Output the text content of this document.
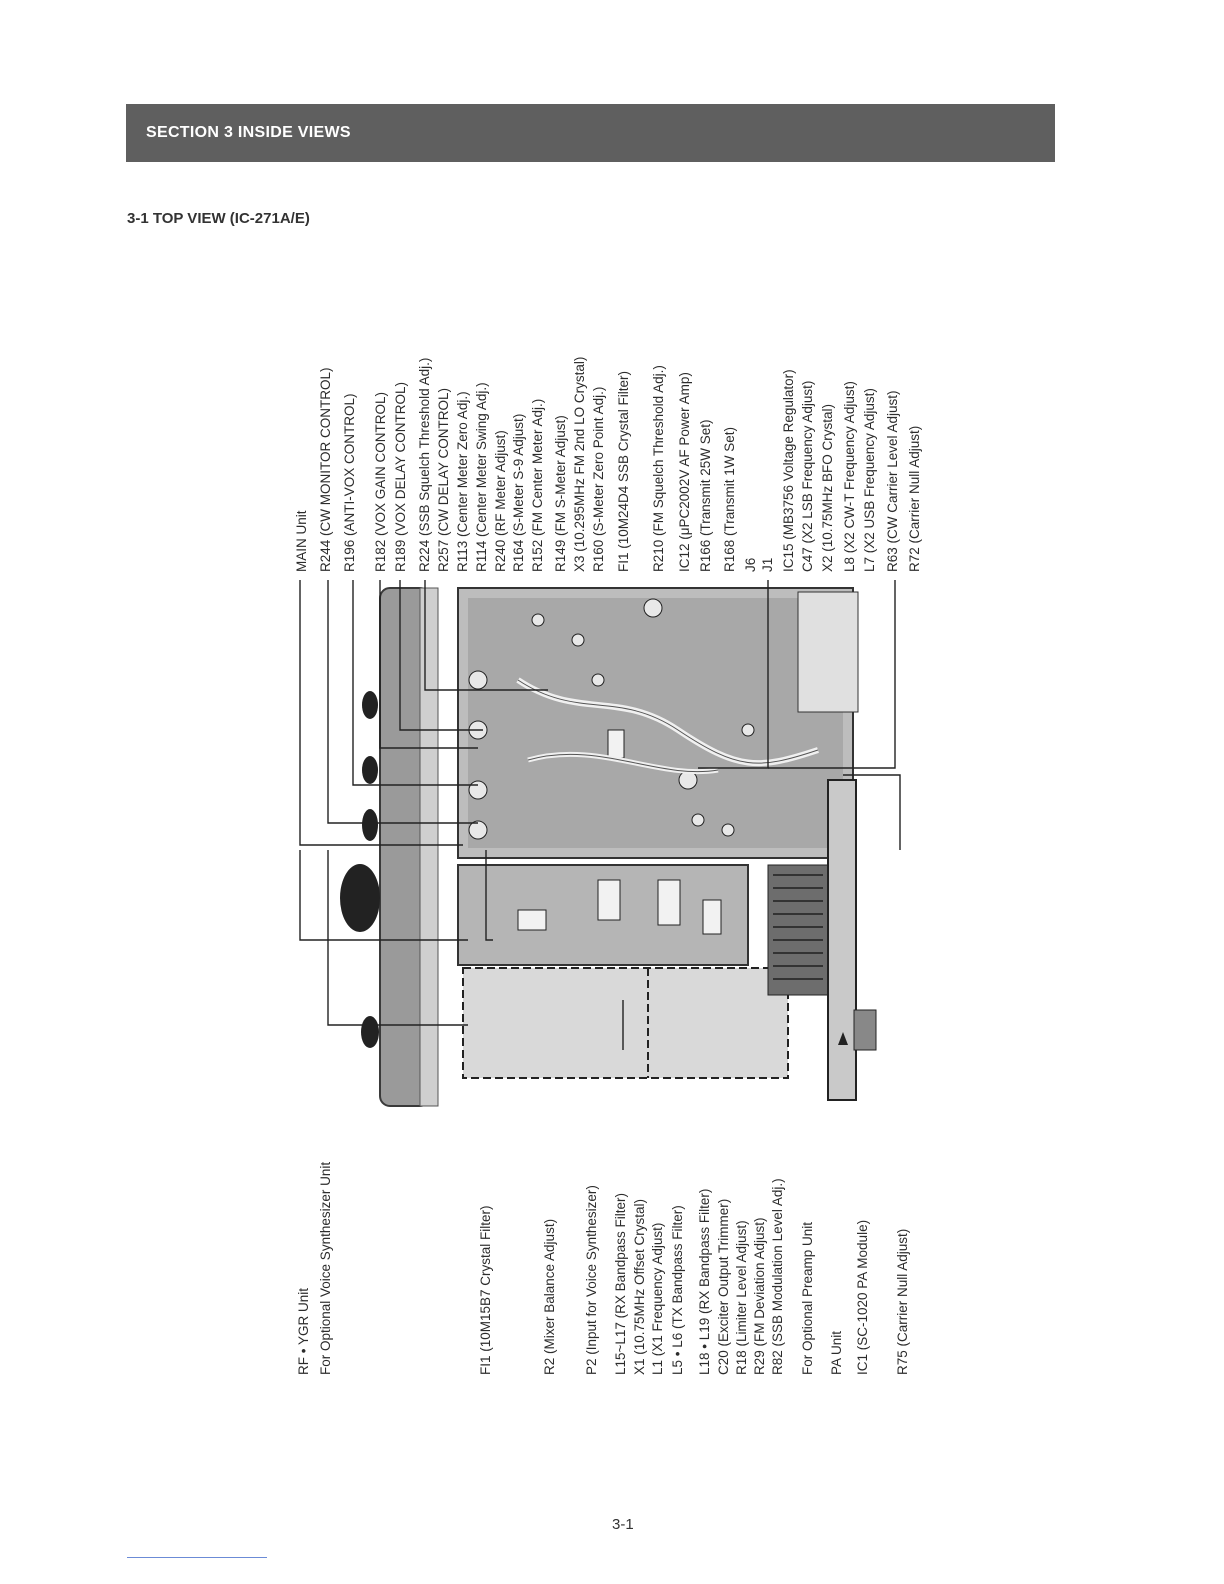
SECTION 3 INSIDE VIEWS
3-1 TOP VIEW (IC-271A/E)
MAIN Unit R244 (CW MONITOR CONTROL) R196 (ANTI-VOX CONTROL) R182 (VOX GAIN CONTROL) R189 (VOX DELAY CONTROL) R224 (SSB Squelch Threshold Adj.) R257 (CW DELAY CONTROL) R113 (Center Meter Zero Adj.) R114 (Center Meter Swing Adj.) R240 (RF Meter Adjust) R164 (S-Meter S-9 Adjust) R152 (FM Center Meter Adj.) R149 (FM S-Meter Adjust) X3 (10.295MHz FM 2nd LO Crystal) R160 (S-Meter Zero Point Adj.) FI1 (10M24D4 SSB Crystal Filter) R210 (FM Squelch Threshold Adj.) IC12 (μPC2002V AF Power Amp) R166 (Transmit 25W Set) R168 (Transmit 1W Set) J6 J1 IC15 (MB3756 Voltage Regulator) C47 (X2 LSB Frequency Adjust) X2 (10.75MHz BFO Crystal) L8 (X2 CW-T Frequency Adjust) L7 (X2 USB Frequency Adjust) R63 (CW Carrier Level Adjust) R72 (Carrier Null Adjust)
RF • YGR Unit For Optional Voice Synthesizer Unit	FI1 (10M15B7 Crystal Filter)	R2 (Mixer Balance Adjust) P2 (Input for Voice Synthesizer) L15~L17 (RX Bandpass Filter) X1 (10.75MHz Offset Crystal) L1 (X1 Frequency Adjust) L5 • L6 (TX Bandpass Filter) L18 • L19 (RX Bandpass Filter) C20 (Exciter Output Trimmer) R18 (Limiter Level Adjust) R29 (FM Deviation Adjust) R82 (SSB Modulation Level Adj.) For Optional Preamp Unit PA Unit IC1 (SC-1020 PA Module) R75 (Carrier Null Adjust)
3-1
